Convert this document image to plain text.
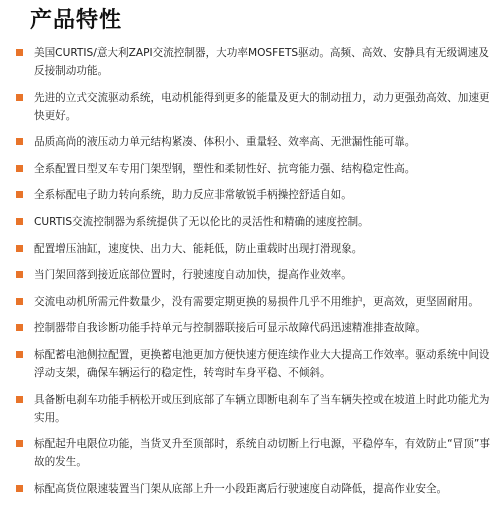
产品特性
美国CURTIS/意大利ZAPI交流控制器，大功率MOSFETS驱动。高频、高效、安静具有无级调速及反接制动功能。
先进的立式交流驱动系统，电动机能得到更多的能量及更大的制动扭力，动力更强劲高效、加速更快更好。
品质高尚的液压动力单元结构紧凑、体积小、重量轻、效率高、无泄漏性能可靠。
全系配置日型叉车专用门架型钢，塑性和柔韧性好、抗弯能力强、结构稳定性高。
全系标配电子助力转向系统，助力反应非常敏锐手柄操控舒适自如。
CURTIS交流控制器为系统提供了无以伦比的灵活性和精确的速度控制。
配置增压油缸，速度快、出力大、能耗低，防止重载时出现打滑现象。
当门架回落到接近底部位置时，行驶速度自动加快，提高作业效率。
交流电动机所需元件数量少，没有需要定期更换的易损件几乎不用维护，更高效，更坚固耐用。
控制器带自我诊断功能手持单元与控制器联接后可显示故障代码迅速精准排查故障。
标配蓄电池侧拉配置，更换蓄电池更加方便快速方便连续作业大大提高工作效率。驱动系统中间设浮动支架，确保车辆运行的稳定性，转弯时车身平稳、不倾斜。
具备断电刹车功能手柄松开或压到底部了车辆立即断电刹车了当车辆失控或在坡道上时此功能尤为实用。
标配起升电限位功能，当货叉升至顶部时，系统自动切断上行电源，平稳停车，有效防止“冒顶”事故的发生。
标配高货位限速装置当门架从底部上升一小段距离后行驶速度自动降低，提高作业安全。
